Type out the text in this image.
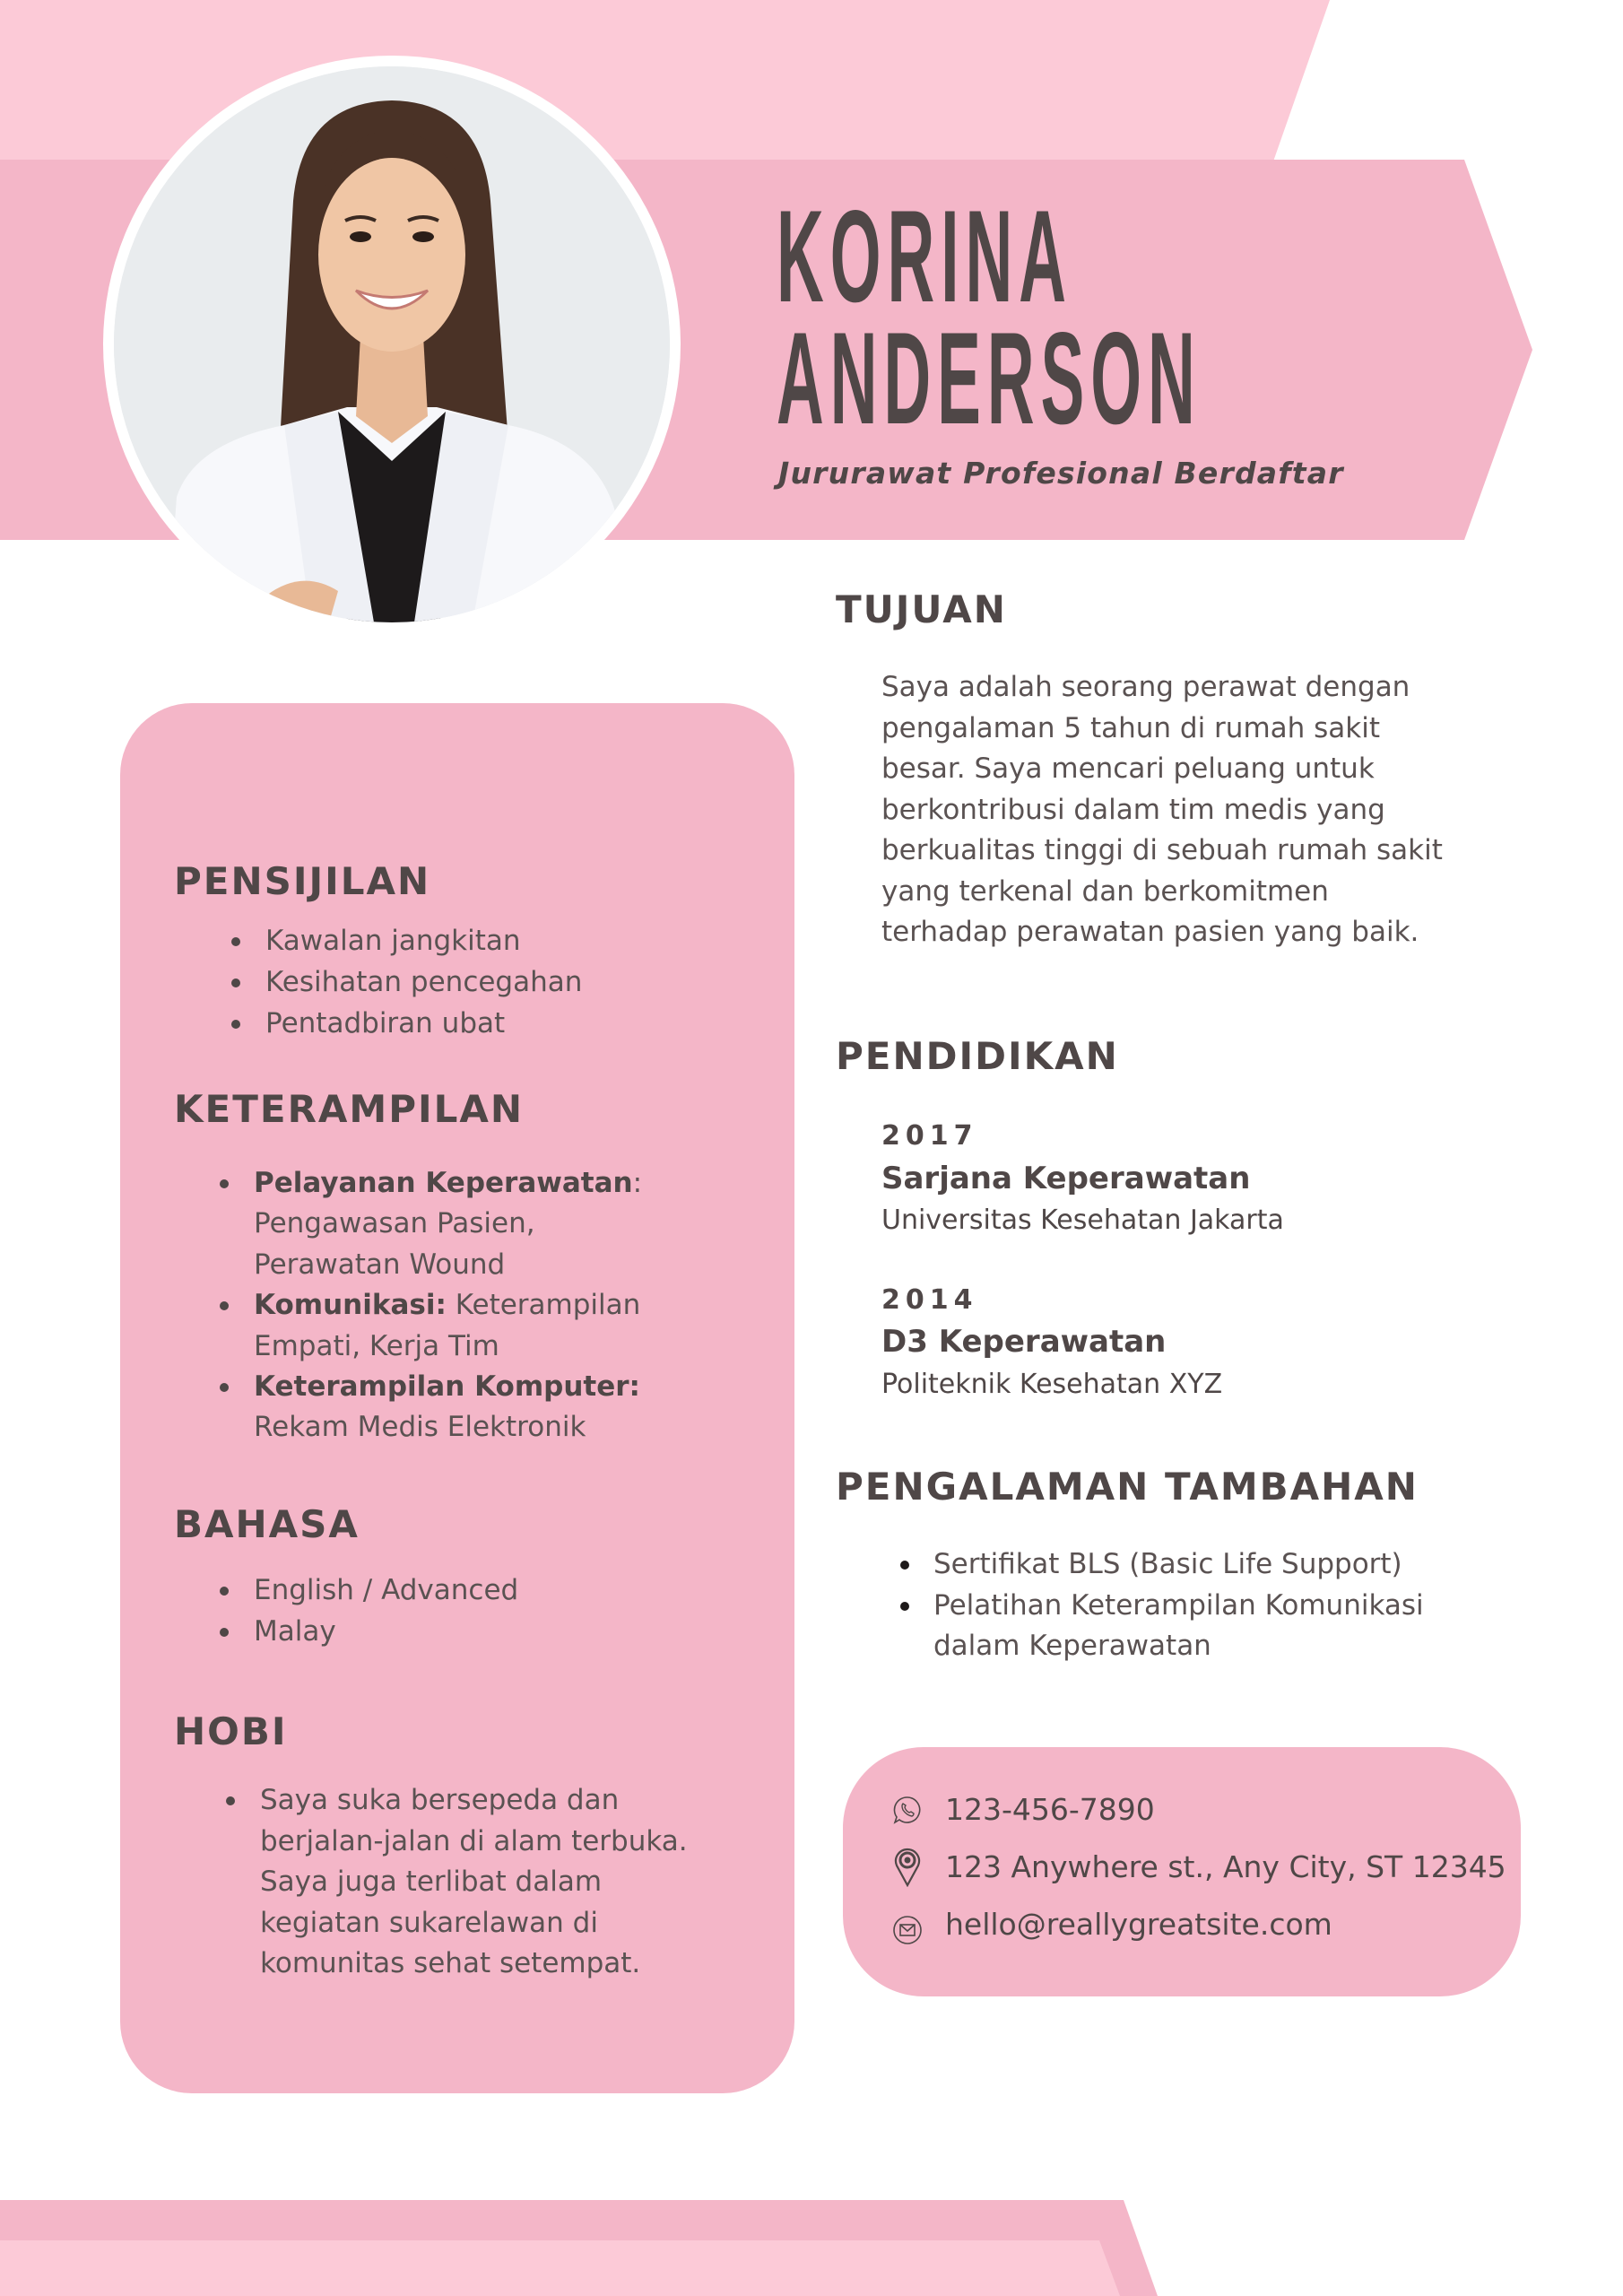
KORINA
ANDERSON
Jururawat Profesional Berdaftar
TUJUAN
Saya adalah seorang perawat dengan
pengalaman 5 tahun di rumah sakit
besar. Saya mencari peluang untuk
berkontribusi dalam tim medis yang
berkualitas tinggi di sebuah rumah sakit
yang terkenal dan berkomitmen
terhadap perawatan pasien yang baik.
PENDIDIKAN
2017
Sarjana Keperawatan
Universitas Kesehatan Jakarta
2014
D3 Keperawatan
Politeknik Kesehatan XYZ
PENGALAMAN TAMBAHAN
Sertifikat BLS (Basic Life Support)
Pelatihan Keterampilan Komunikasi
dalam Keperawatan
123-456-7890
123 Anywhere st., Any City, ST 12345
hello@reallygreatsite.com
PENSIJILAN
Kawalan jangkitan
Kesihatan pencegahan
Pentadbiran ubat
KETERAMPILAN
Pelayanan Keperawatan:
Pengawasan Pasien,
Perawatan Wound
Komunikasi: Keterampilan
Empati, Kerja Tim
Keterampilan Komputer:
Rekam Medis Elektronik
BAHASA
English / Advanced
Malay
HOBI
Saya suka bersepeda dan
berjalan-jalan di alam terbuka.
Saya juga terlibat dalam
kegiatan sukarelawan di
komunitas sehat setempat.
